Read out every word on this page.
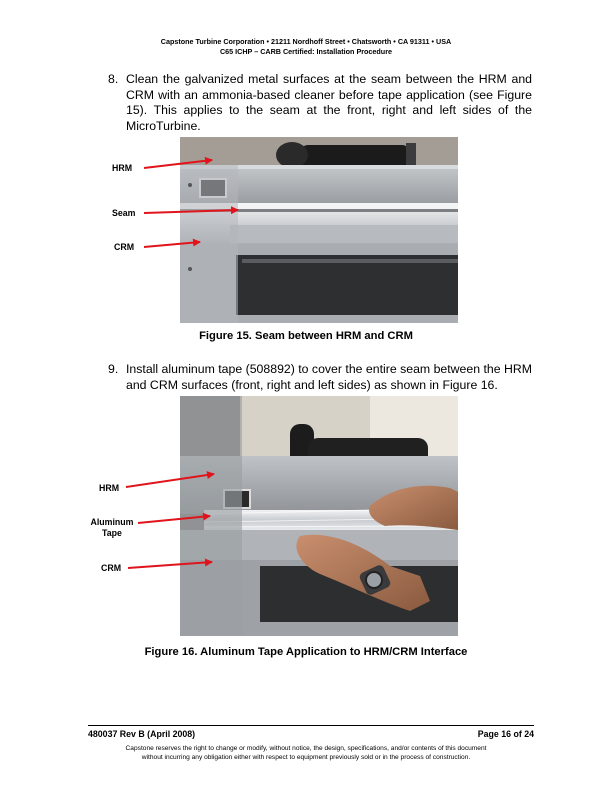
Capstone Turbine Corporation • 21211 Nordhoff Street • Chatsworth • CA 91311 • USA
C65 ICHP – CARB Certified: Installation Procedure
8. Clean the galvanized metal surfaces at the seam between the HRM and CRM with an ammonia-based cleaner before tape application (see Figure 15). This applies to the seam at the front, right and left sides of the MicroTurbine.
Figure 15. Seam between HRM and CRM
HRM
Seam
CRM
9. Install aluminum tape (508892) to cover the entire seam between the HRM and CRM surfaces (front, right and left sides) as shown in Figure 16.
Figure 16. Aluminum Tape Application to HRM/CRM Interface
HRM
Aluminum Tape
CRM
480037 Rev B (April 2008)	Page 16 of 24
Capstone reserves the right to change or modify, without notice, the design, specifications, and/or contents of this document
without incurring any obligation either with respect to equipment previously sold or in the process of construction.
